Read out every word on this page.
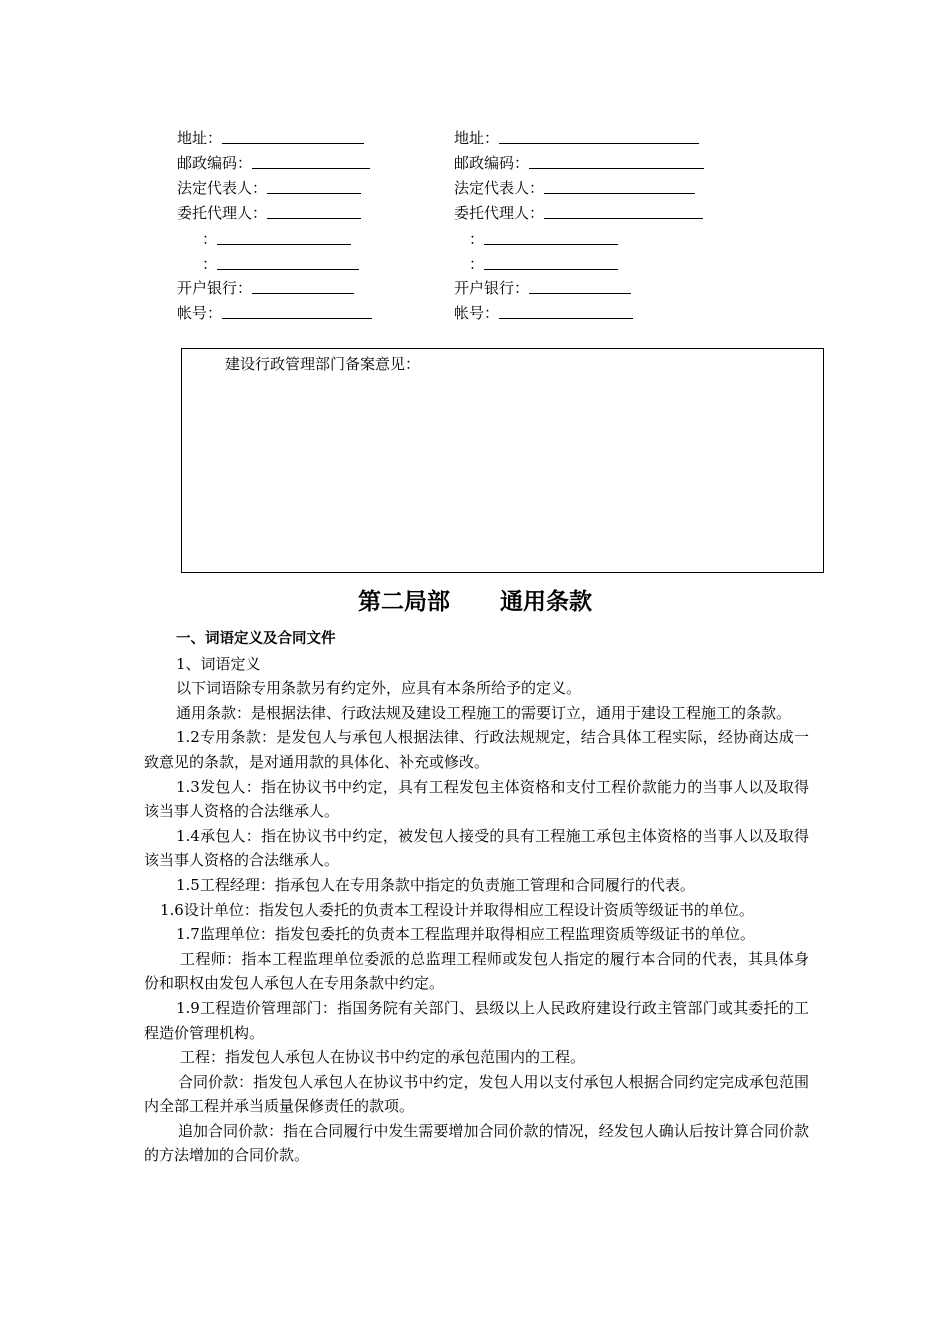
地址：
邮政编码：
法定代表人：
委托代理人：
：
：
开户银行：
帐号：
地址：
邮政编码：
法定代表人：
委托代理人：
：
：
开户银行：
帐号：
建设行政管理部门备案意见：
第二局部 通用条款

一、词语定义及合同文件

1、词语定义

以下词语除专用条款另有约定外，应具有本条所给予的定义。

通用条款：是根据法律、行政法规及建设工程施工的需要订立，通用于建设工程施工的条款。

1.2专用条款：是发包人与承包人根据法律、行政法规规定，结合具体工程实际，经协商达成一致意见的条款，是对通用款的具体化、补充或修改。

1.3发包人：指在协议书中约定，具有工程发包主体资格和支付工程价款能力的当事人以及取得该当事人资格的合法继承人。

1.4承包人：指在协议书中约定，被发包人接受的具有工程施工承包主体资格的当事人以及取得该当事人资格的合法继承人。

1.5工程经理：指承包人在专用条款中指定的负责施工管理和合同履行的代表。

1.6设计单位：指发包人委托的负责本工程设计并取得相应工程设计资质等级证书的单位。

1.7监理单位：指发包委托的负责本工程监理并取得相应工程监理资质等级证书的单位。

工程师：指本工程监理单位委派的总监理工程师或发包人指定的履行本合同的代表，其具体身份和职权由发包人承包人在专用条款中约定。

1.9工程造价管理部门：指国务院有关部门、县级以上人民政府建设行政主管部门或其委托的工程造价管理机构。

工程：指发包人承包人在协议书中约定的承包范围内的工程。

合同价款：指发包人承包人在协议书中约定，发包人用以支付承包人根据合同约定完成承包范围内全部工程并承当质量保修责任的款项。

追加合同价款：指在合同履行中发生需要增加合同价款的情况，经发包人确认后按计算合同价款的方法增加的合同价款。
